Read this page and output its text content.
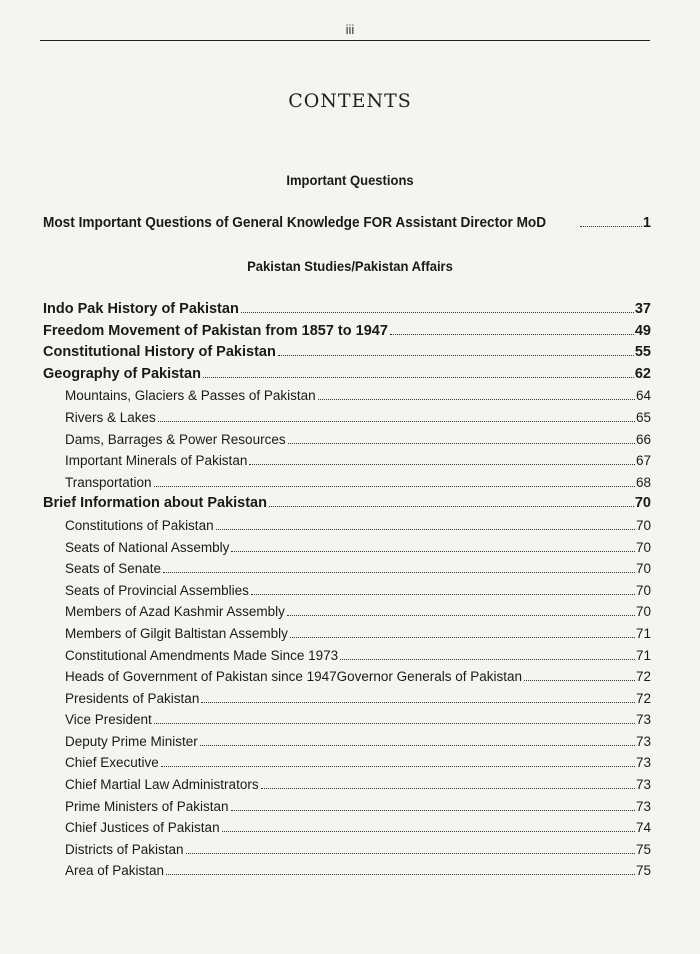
iii
CONTENTS
Important Questions
Most Important Questions of General Knowledge FOR Assistant Director MoD	1
Pakistan Studies/Pakistan Affairs
Indo Pak History of Pakistan	37
Freedom Movement of Pakistan from 1857 to 1947	49
Constitutional History of Pakistan	55
Geography of Pakistan	62
Mountains, Glaciers & Passes of Pakistan	64
Rivers & Lakes	65
Dams, Barrages & Power Resources	66
Important Minerals of Pakistan	67
Transportation	68
Brief Information about Pakistan	70
Constitutions of Pakistan	70
Seats of National Assembly	70
Seats of Senate	70
Seats of Provincial Assemblies	70
Members of Azad Kashmir Assembly	70
Members of Gilgit Baltistan Assembly	71
Constitutional Amendments Made Since 1973	71
Heads of Government of Pakistan since 1947Governor Generals of Pakistan	72
Presidents of Pakistan	72
Vice President	73
Deputy Prime Minister	73
Chief Executive	73
Chief Martial Law Administrators	73
Prime Ministers of Pakistan	73
Chief Justices of Pakistan	74
Districts of Pakistan	75
Area of Pakistan	75
